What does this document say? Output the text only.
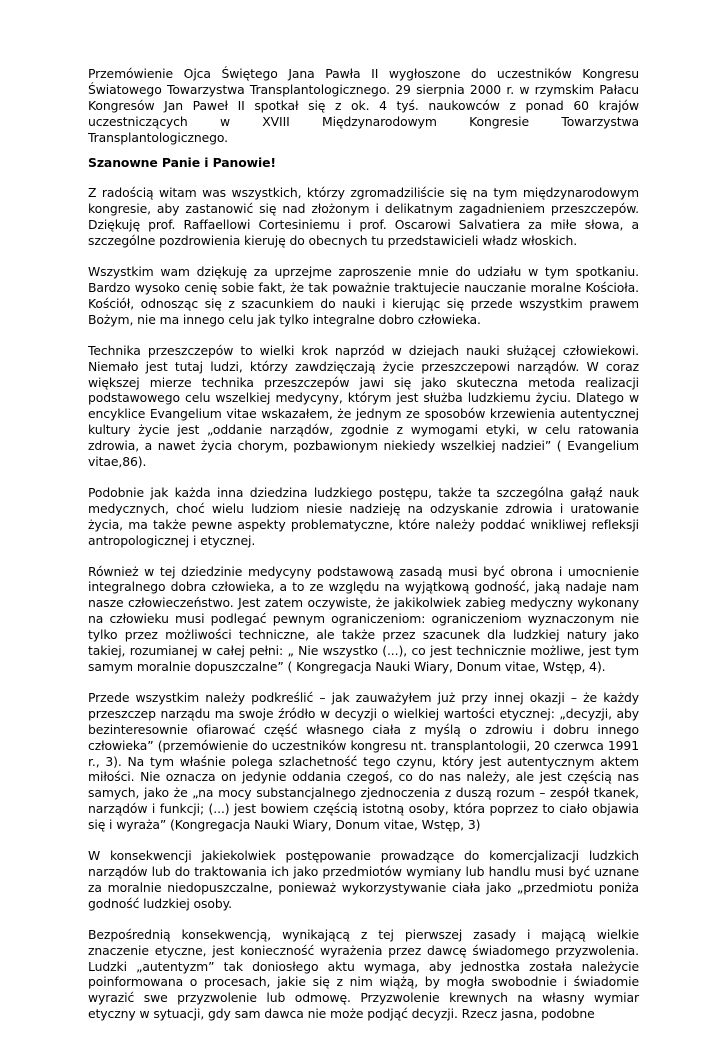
Przemówienie Ojca Świętego Jana Pawła II wygłoszone do uczestników Kongresu Światowego Towarzystwa Transplantologicznego. 29 sierpnia 2000 r. w rzymskim Pałacu Kongresów Jan Paweł II spotkał się z ok. 4 tyś. naukowców z ponad 60 krajów uczestniczących w XVIII Międzynarodowym Kongresie Towarzystwa Transplantologicznego.

Szanowne Panie i Panowie!

Z radością witam was wszystkich, którzy zgromadziliście się na tym międzynarodowym kongresie, aby zastanowić się nad złożonym i delikatnym zagadnieniem przeszczepów. Dziękuję prof. Raffaellowi Cortesiniemu i prof. Oscarowi Salvatiera za miłe słowa, a szczególne pozdrowienia kieruję do obecnych tu przedstawicieli władz włoskich.

Wszystkim wam dziękuję za uprzejme zaproszenie mnie do udziału w tym spotkaniu. Bardzo wysoko cenię sobie fakt, że tak poważnie traktujecie nauczanie moralne Kościoła. Kościół, odnosząc się z szacunkiem do nauki i kierując się przede wszystkim prawem Bożym, nie ma innego celu jak tylko integralne dobro człowieka.

Technika przeszczepów to wielki krok naprzód w dziejach nauki służącej człowiekowi. Niemało jest tutaj ludzi, którzy zawdzięczają życie przeszczepowi narządów. W coraz większej mierze technika przeszczepów jawi się jako skuteczna metoda realizacji podstawowego celu wszelkiej medycyny, którym jest służba ludzkiemu życiu. Dlatego w encyklice Evangelium vitae wskazałem, że jednym ze sposobów krzewienia autentycznej kultury życie jest „oddanie narządów, zgodnie z wymogami etyki, w celu ratowania zdrowia, a nawet życia chorym, pozbawionym niekiedy wszelkiej nadziei” ( Evangelium vitae,86).

Podobnie jak każda inna dziedzina ludzkiego postępu, także ta szczególna gałąź nauk medycznych, choć wielu ludziom niesie nadzieję na odzyskanie zdrowia i uratowanie życia, ma także pewne aspekty problematyczne, które należy poddać wnikliwej refleksji antropologicznej i etycznej.

Również w tej dziedzinie medycyny podstawową zasadą musi być obrona i umocnienie integralnego dobra człowieka, a to ze względu na wyjątkową godność, jaką nadaje nam nasze człowieczeństwo. Jest zatem oczywiste, że jakikolwiek zabieg medyczny wykonany na człowieku musi podlegać pewnym ograniczeniom: ograniczeniom wyznaczonym nie tylko przez możliwości techniczne, ale także przez szacunek dla ludzkiej natury jako takiej, rozumianej w całej pełni: „ Nie wszystko (...), co jest technicznie możliwe, jest tym samym moralnie dopuszczalne” ( Kongregacja Nauki Wiary, Donum vitae, Wstęp, 4).

Przede wszystkim należy podkreślić – jak zauważyłem już przy innej okazji – że każdy przeszczep narządu ma swoje źródło w decyzji o wielkiej wartości etycznej: „decyzji, aby bezinteresownie ofiarować część własnego ciała z myślą o zdrowiu i dobru innego człowieka” (przemówienie do uczestników kongresu nt. transplantologii, 20 czerwca 1991 r., 3). Na tym właśnie polega szlachetność tego czynu, który jest autentycznym aktem miłości. Nie oznacza on jedynie oddania czegoś, co do nas należy, ale jest częścią nas samych, jako że „na mocy substancjalnego zjednoczenia z duszą rozum – zespół tkanek, narządów i funkcji; (...) jest bowiem częścią istotną osoby, która poprzez to ciało objawia się i wyraża” (Kongregacja Nauki Wiary, Donum vitae, Wstęp, 3)

W konsekwencji jakiekolwiek postępowanie prowadzące do komercjalizacji ludzkich narządów lub do traktowania ich jako przedmiotów wymiany lub handlu musi być uznane za moralnie niedopuszczalne, ponieważ wykorzystywanie ciała jako „przedmiotu poniża godność ludzkiej osoby.

Bezpośrednią konsekwencją, wynikającą z tej pierwszej zasady i mającą wielkie znaczenie etyczne, jest konieczność wyrażenia przez dawcę świadomego przyzwolenia. Ludzki „autentyzm” tak doniosłego aktu wymaga, aby jednostka została należycie poinformowana o procesach, jakie się z nim wiążą, by mogła swobodnie i świadomie wyrazić swe przyzwolenie lub odmowę. Przyzwolenie krewnych na własny wymiar etyczny w sytuacji, gdy sam dawca nie może podjąć decyzji. Rzecz jasna, podobne
